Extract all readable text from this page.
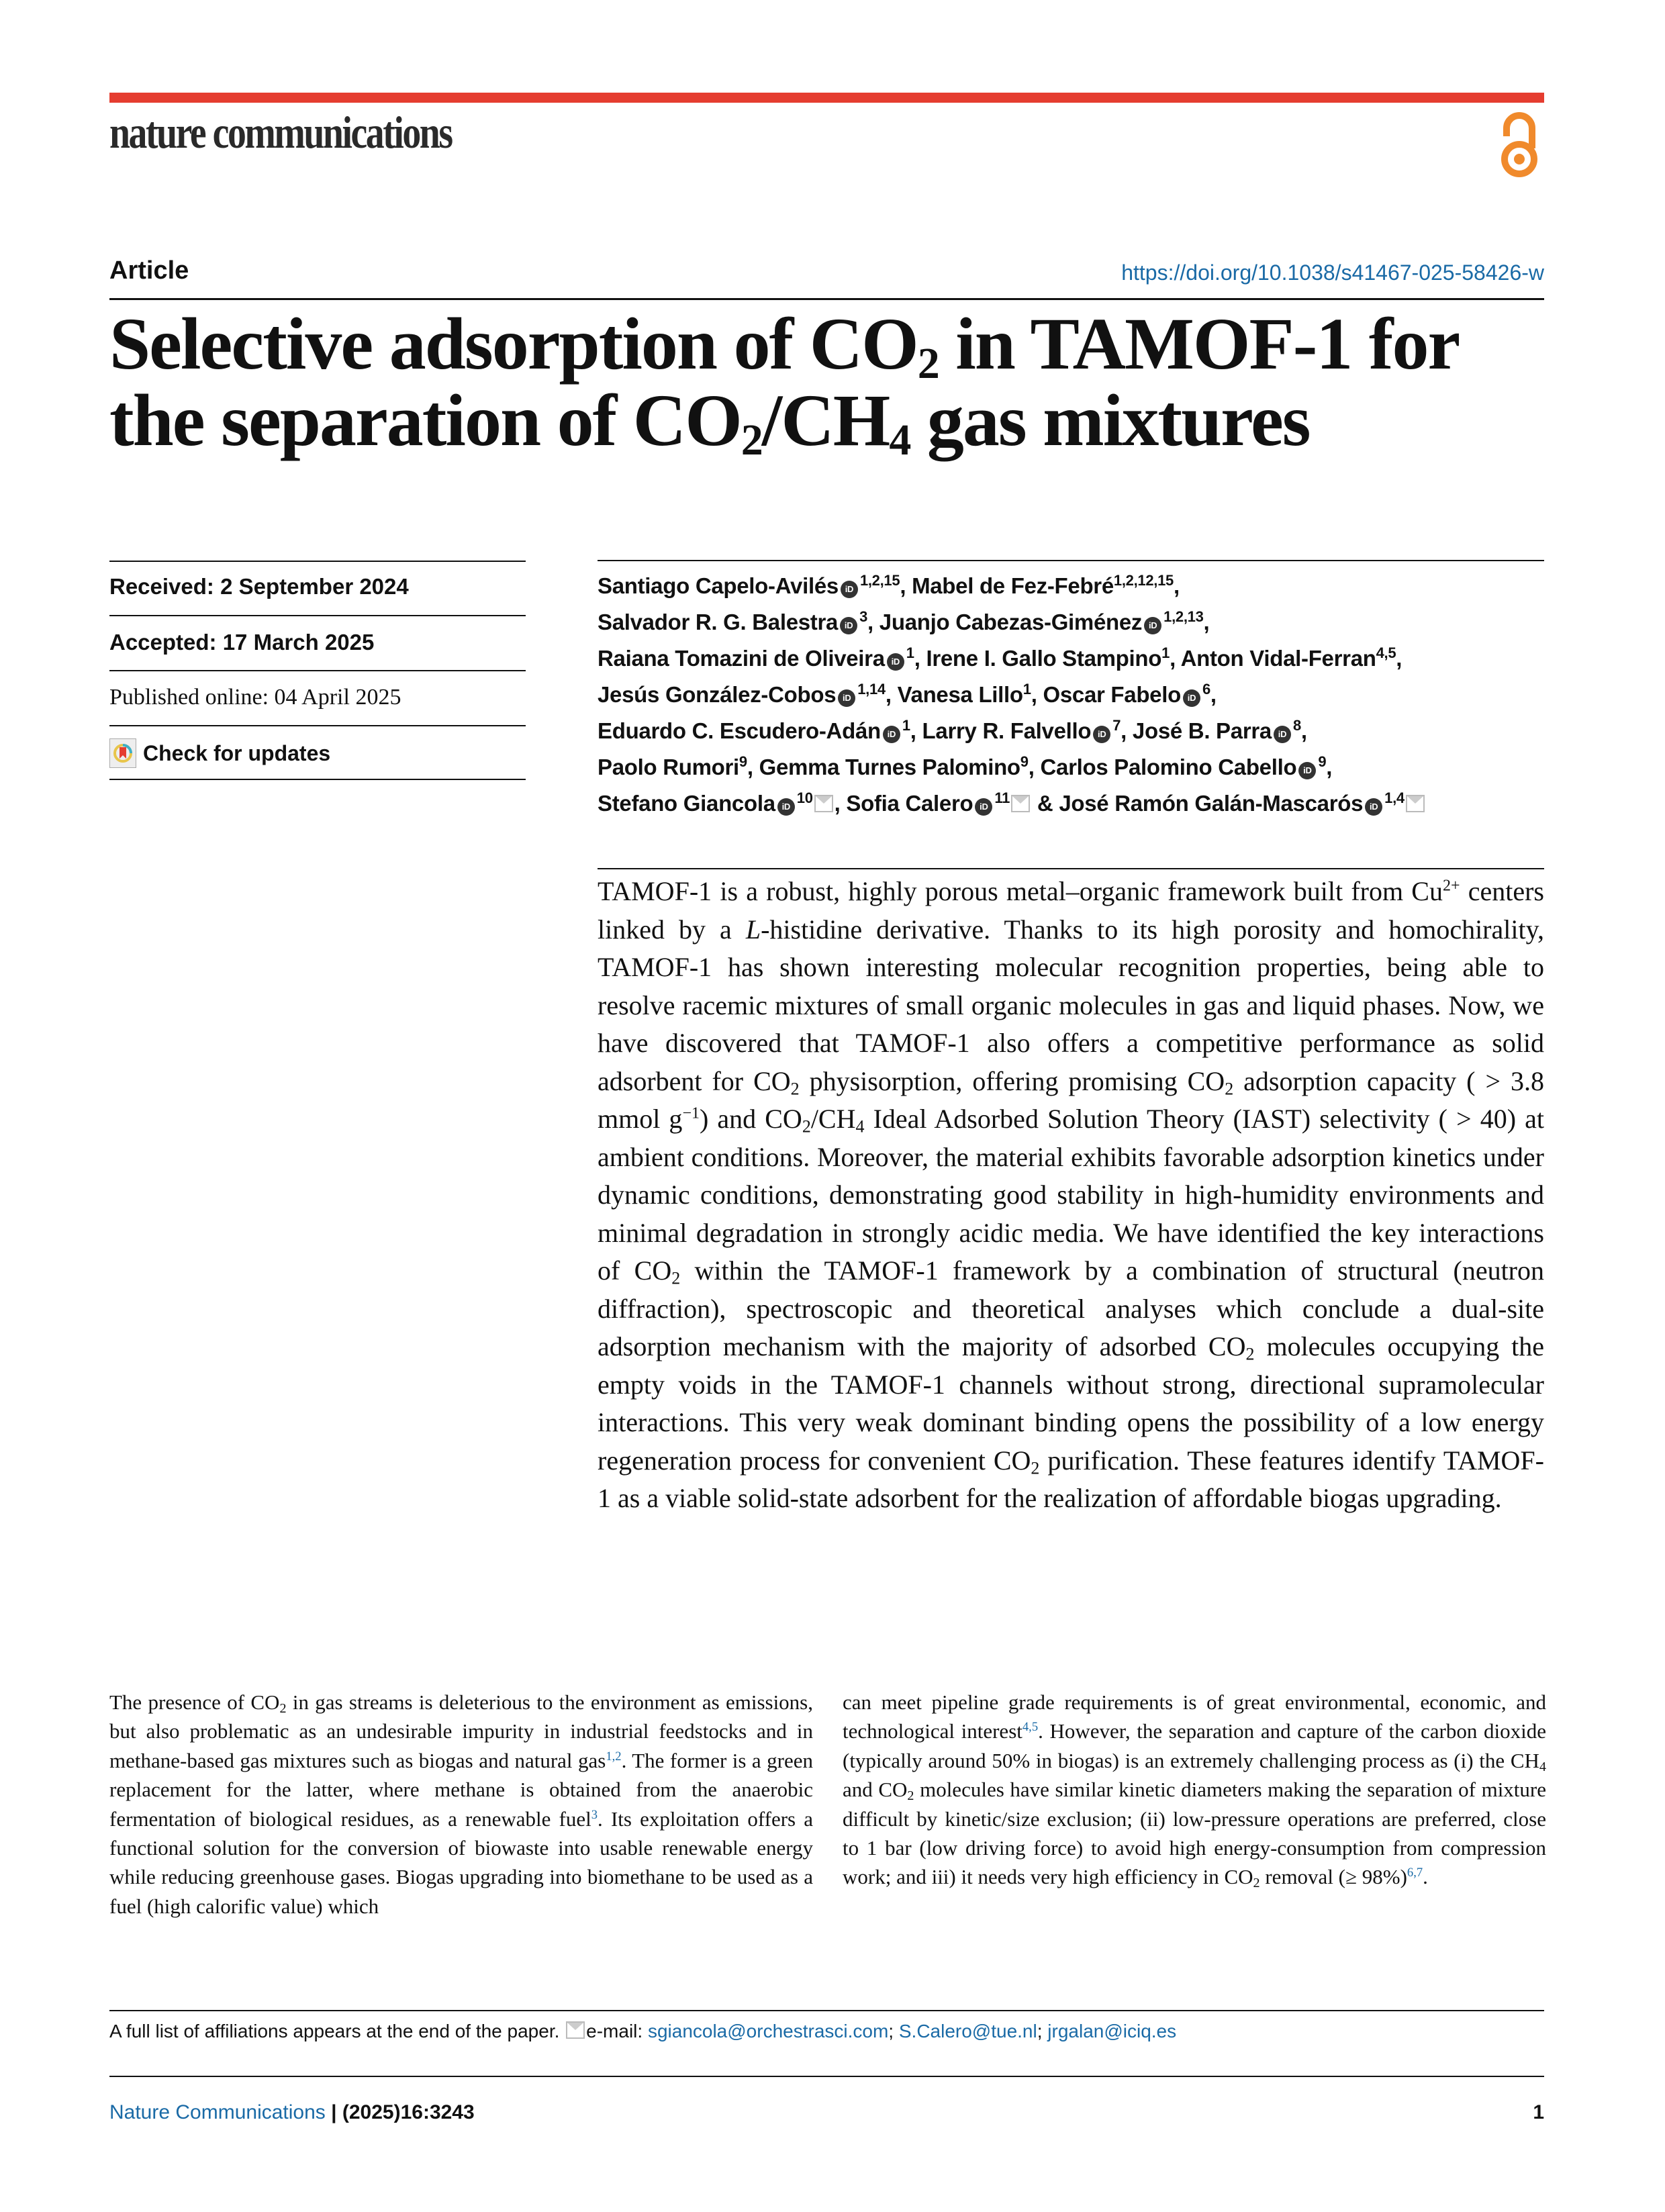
nature communications
Article	https://doi.org/10.1038/s41467-025-58426-w
Selective adsorption of $CO_2$ in TAMOF-1 for
the separation of $CO_2/CH_4$ gas mixtures
Received: 2 September 2024
Accepted: 17 March 2025
Published online: 04 April 2025
Check for updates
Santiago Capelo-Avilés iD$^{1,2,15}$, Mabel de Fez-Febré$^{1,2,12,15}$,
Salvador R. G. Balestra $iD^3$, Juanjo Cabezas-Giménez iD$^{1,2,13}$,
Raiana Tomazini de Oliveira $iD^1$, Irene I. Gallo Stampino$^1$, Anton Vidal-Ferran$^{4,5}$,
Jesús González-Cobos iD$^{1,14}$, Vanesa Lillo$^1$, Oscar Fabelo $iD^6$,
Eduardo C. Escudero-Adán $iD^1$, Larry R. Falvello $iD^7$, José B. Parra $iD^8$,
Paolo Rumori$^9$, Gemma Turnes Palomino$^9$, Carlos Palomino Cabello $iD^9$,
Stefano Giancola $iD^{10}$ , Sofia Calero $iD^{11}$ & José Ramón Galán-Mascarós iD$^{1,4}$
TAMOF-1 is a robust, highly porous metal–organic framework built from $Cu^{2+}$ centers linked by a L-histidine derivative. Thanks to its high porosity and homochirality, TAMOF-1 has shown interesting molecular recognition properties, being able to resolve racemic mixtures of small organic molecules in gas and liquid phases. Now, we have discovered that TAMOF-1 also offers a competitive performance as solid adsorbent for $CO_2$ physisorption, offering promising $CO_2$ adsorption capacity ( > 3.8 mmol $g^{-1}$) and $CO_2/CH_4$ Ideal Adsorbed Solution Theory (IAST) selectivity ( > 40) at ambient conditions. Moreover, the material exhibits favorable adsorption kinetics under dynamic conditions, demonstrating good stability in high-humidity environments and minimal degradation in strongly acidic media. We have identified the key interactions of $CO_2$ within the TAMOF-1 framework by a combination of structural (neutron diffraction), spectroscopic and theoretical analyses which conclude a dual-site adsorption mechanism with the majority of adsorbed $CO_2$ molecules occupying the empty voids in the TAMOF-1 channels without strong, directional supramolecular interactions. This very weak dominant binding opens the possibility of a low energy regeneration process for convenient $CO_2$ purification. These features identify TAMOF-1 as a viable solid-state adsorbent for the realization of affordable biogas upgrading.
The presence of $CO_2$ in gas streams is deleterious to the environment as emissions, but also problematic as an undesirable impurity in industrial feedstocks and in methane-based gas mixtures such as biogas and natural gas$^{1,2}$. The former is a green replacement for the latter, where methane is obtained from the anaerobic fermentation of biological residues, as a renewable fuel$^3$. Its exploitation offers a functional solution for the conversion of biowaste into usable renewable energy while reducing greenhouse gases. Biogas upgrading into biomethane to be used as a fuel (high calorific value) which
can meet pipeline grade requirements is of great environmental, economic, and technological interest$^{4,5}$. However, the separation and capture of the carbon dioxide (typically around 50% in biogas) is an extremely challenging process as (i) the $CH_4$ and $CO_2$ molecules have similar kinetic diameters making the separation of mixture difficult by kinetic/size exclusion; (ii) low-pressure operations are preferred, close to 1 bar (low driving force) to avoid high energy-consumption from compression work; and iii) it needs very high efficiency in $CO_2$ removal (≥ 98%)$^{6,7}$.
A full list of affiliations appears at the end of the paper. e-mail: sgiancola@orchestrasci.com; S.Calero@tue.nl; jrgalan@iciq.es
Nature Communications | (2025)16:3243	1
